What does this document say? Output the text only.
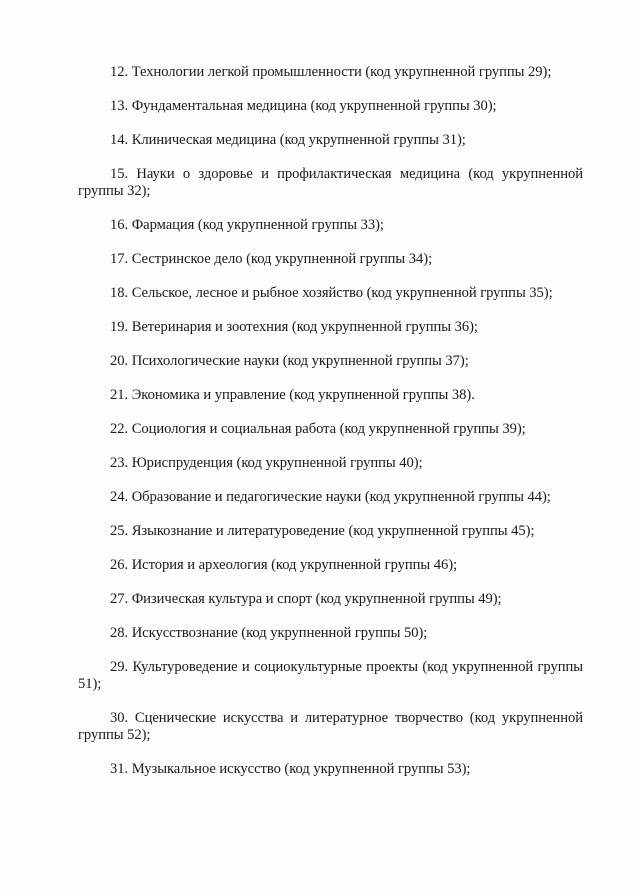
12. Технологии легкой промышленности (код укрупненной группы 29);

13. Фундаментальная медицина (код укрупненной группы 30);

14. Клиническая медицина (код укрупненной группы 31);

15. Науки о здоровье и профилактическая медицина (код укрупненной группы 32);

16. Фармация (код укрупненной группы 33);

17. Сестринское дело (код укрупненной группы 34);

18. Сельское, лесное и рыбное хозяйство (код укрупненной группы 35);

19. Ветеринария и зоотехния (код укрупненной группы 36);

20. Психологические науки (код укрупненной группы 37);

21. Экономика и управление (код укрупненной группы 38).

22. Социология и социальная работа (код укрупненной группы 39);

23. Юриспруденция (код укрупненной группы 40);

24. Образование и педагогические науки (код укрупненной группы 44);

25. Языкознание и литературоведение (код укрупненной группы 45);

26. История и археология (код укрупненной группы 46);

27. Физическая культура и спорт (код укрупненной группы 49);

28. Искусствознание (код укрупненной группы 50);

29. Культуроведение и социокультурные проекты (код укрупненной группы 51);

30. Сценические искусства и литературное творчество (код укрупненной группы 52);

31. Музыкальное искусство (код укрупненной группы 53);
